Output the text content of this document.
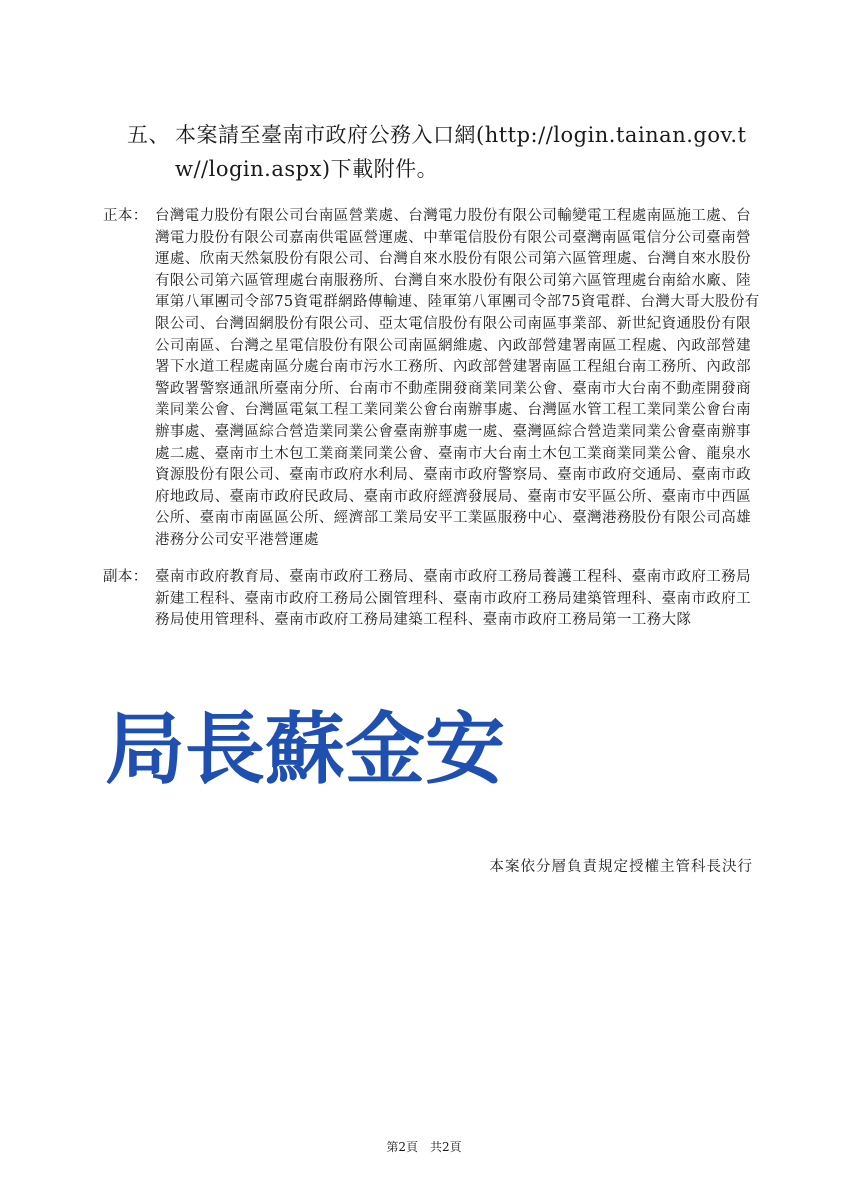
五、 本案請至臺南市政府公務入口網(http://login.tainan.gov.tw//login.aspx)下載附件。
正本： 台灣電力股份有限公司台南區營業處、台灣電力股份有限公司輸變電工程處南區施工處、台灣電力股份有限公司嘉南供電區營運處、中華電信股份有限公司臺灣南區電信分公司臺南營運處、欣南天然氣股份有限公司、台灣自來水股份有限公司第六區管理處、台灣自來水股份有限公司第六區管理處台南服務所、台灣自來水股份有限公司第六區管理處台南給水廠、陸軍第八軍團司令部75資電群網路傳輸連、陸軍第八軍團司令部75資電群、台灣大哥大股份有限公司、台灣固網股份有限公司、亞太電信股份有限公司南區事業部、新世紀資通股份有限公司南區、台灣之星電信股份有限公司南區網維處、內政部營建署南區工程處、內政部營建署下水道工程處南區分處台南市污水工務所、內政部營建署南區工程組台南工務所、內政部警政署警察通訊所臺南分所、台南市不動產開發商業同業公會、臺南市大台南不動產開發商業同業公會、台灣區電氣工程工業同業公會台南辦事處、台灣區水管工程工業同業公會台南辦事處、臺灣區綜合營造業同業公會臺南辦事處一處、臺灣區綜合營造業同業公會臺南辦事處二處、臺南市土木包工業商業同業公會、臺南市大台南土木包工業商業同業公會、龍泉水資源股份有限公司、臺南市政府水利局、臺南市政府警察局、臺南市政府交通局、臺南市政府地政局、臺南市政府民政局、臺南市政府經濟發展局、臺南市安平區公所、臺南市中西區公所、臺南市南區區公所、經濟部工業局安平工業區服務中心、臺灣港務股份有限公司高雄港務分公司安平港營運處
副本： 臺南市政府教育局、臺南市政府工務局、臺南市政府工務局養護工程科、臺南市政府工務局新建工程科、臺南市政府工務局公園管理科、臺南市政府工務局建築管理科、臺南市政府工務局使用管理科、臺南市政府工務局建築工程科、臺南市政府工務局第一工務大隊
局長蘇金安
本案依分層負責規定授權主管科長決行
第2頁　共2頁
